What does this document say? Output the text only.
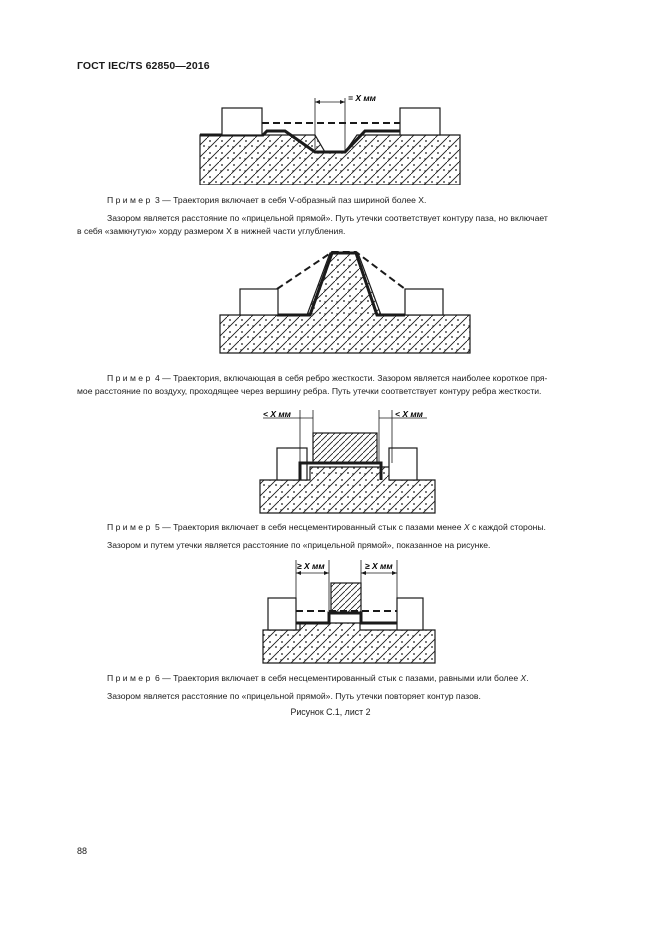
ГОСТ IEC/TS 62850—2016
= X мм
Пример 3 — Траектория включает в себя V-образный паз шириной более X.
Зазором является расстояние по «прицельной прямой». Путь утечки соответствует контуру паза, но включает
в себя «замкнутую» хорду размером X в нижней части углубления.
Пример 4 — Траектория, включающая в себя ребро жесткости. Зазором является наиболее короткое пря-
мое расстояние по воздуху, проходящее через вершину ребра. Путь утечки соответствует контуру ребра жесткости.
< X мм	< X мм
Пример 5 — Траектория включает в себя несцементированный стык с пазами менее X с каждой стороны.
Зазором и путем утечки является расстояние по «прицельной прямой», показанное на рисунке.
≥ X мм	≥ X мм
Пример 6 — Траектория включает в себя несцементированный стык с пазами, равными или более X.
Зазором является расстояние по «прицельной прямой». Путь утечки повторяет контур пазов.
Рисунок С.1, лист 2
88
